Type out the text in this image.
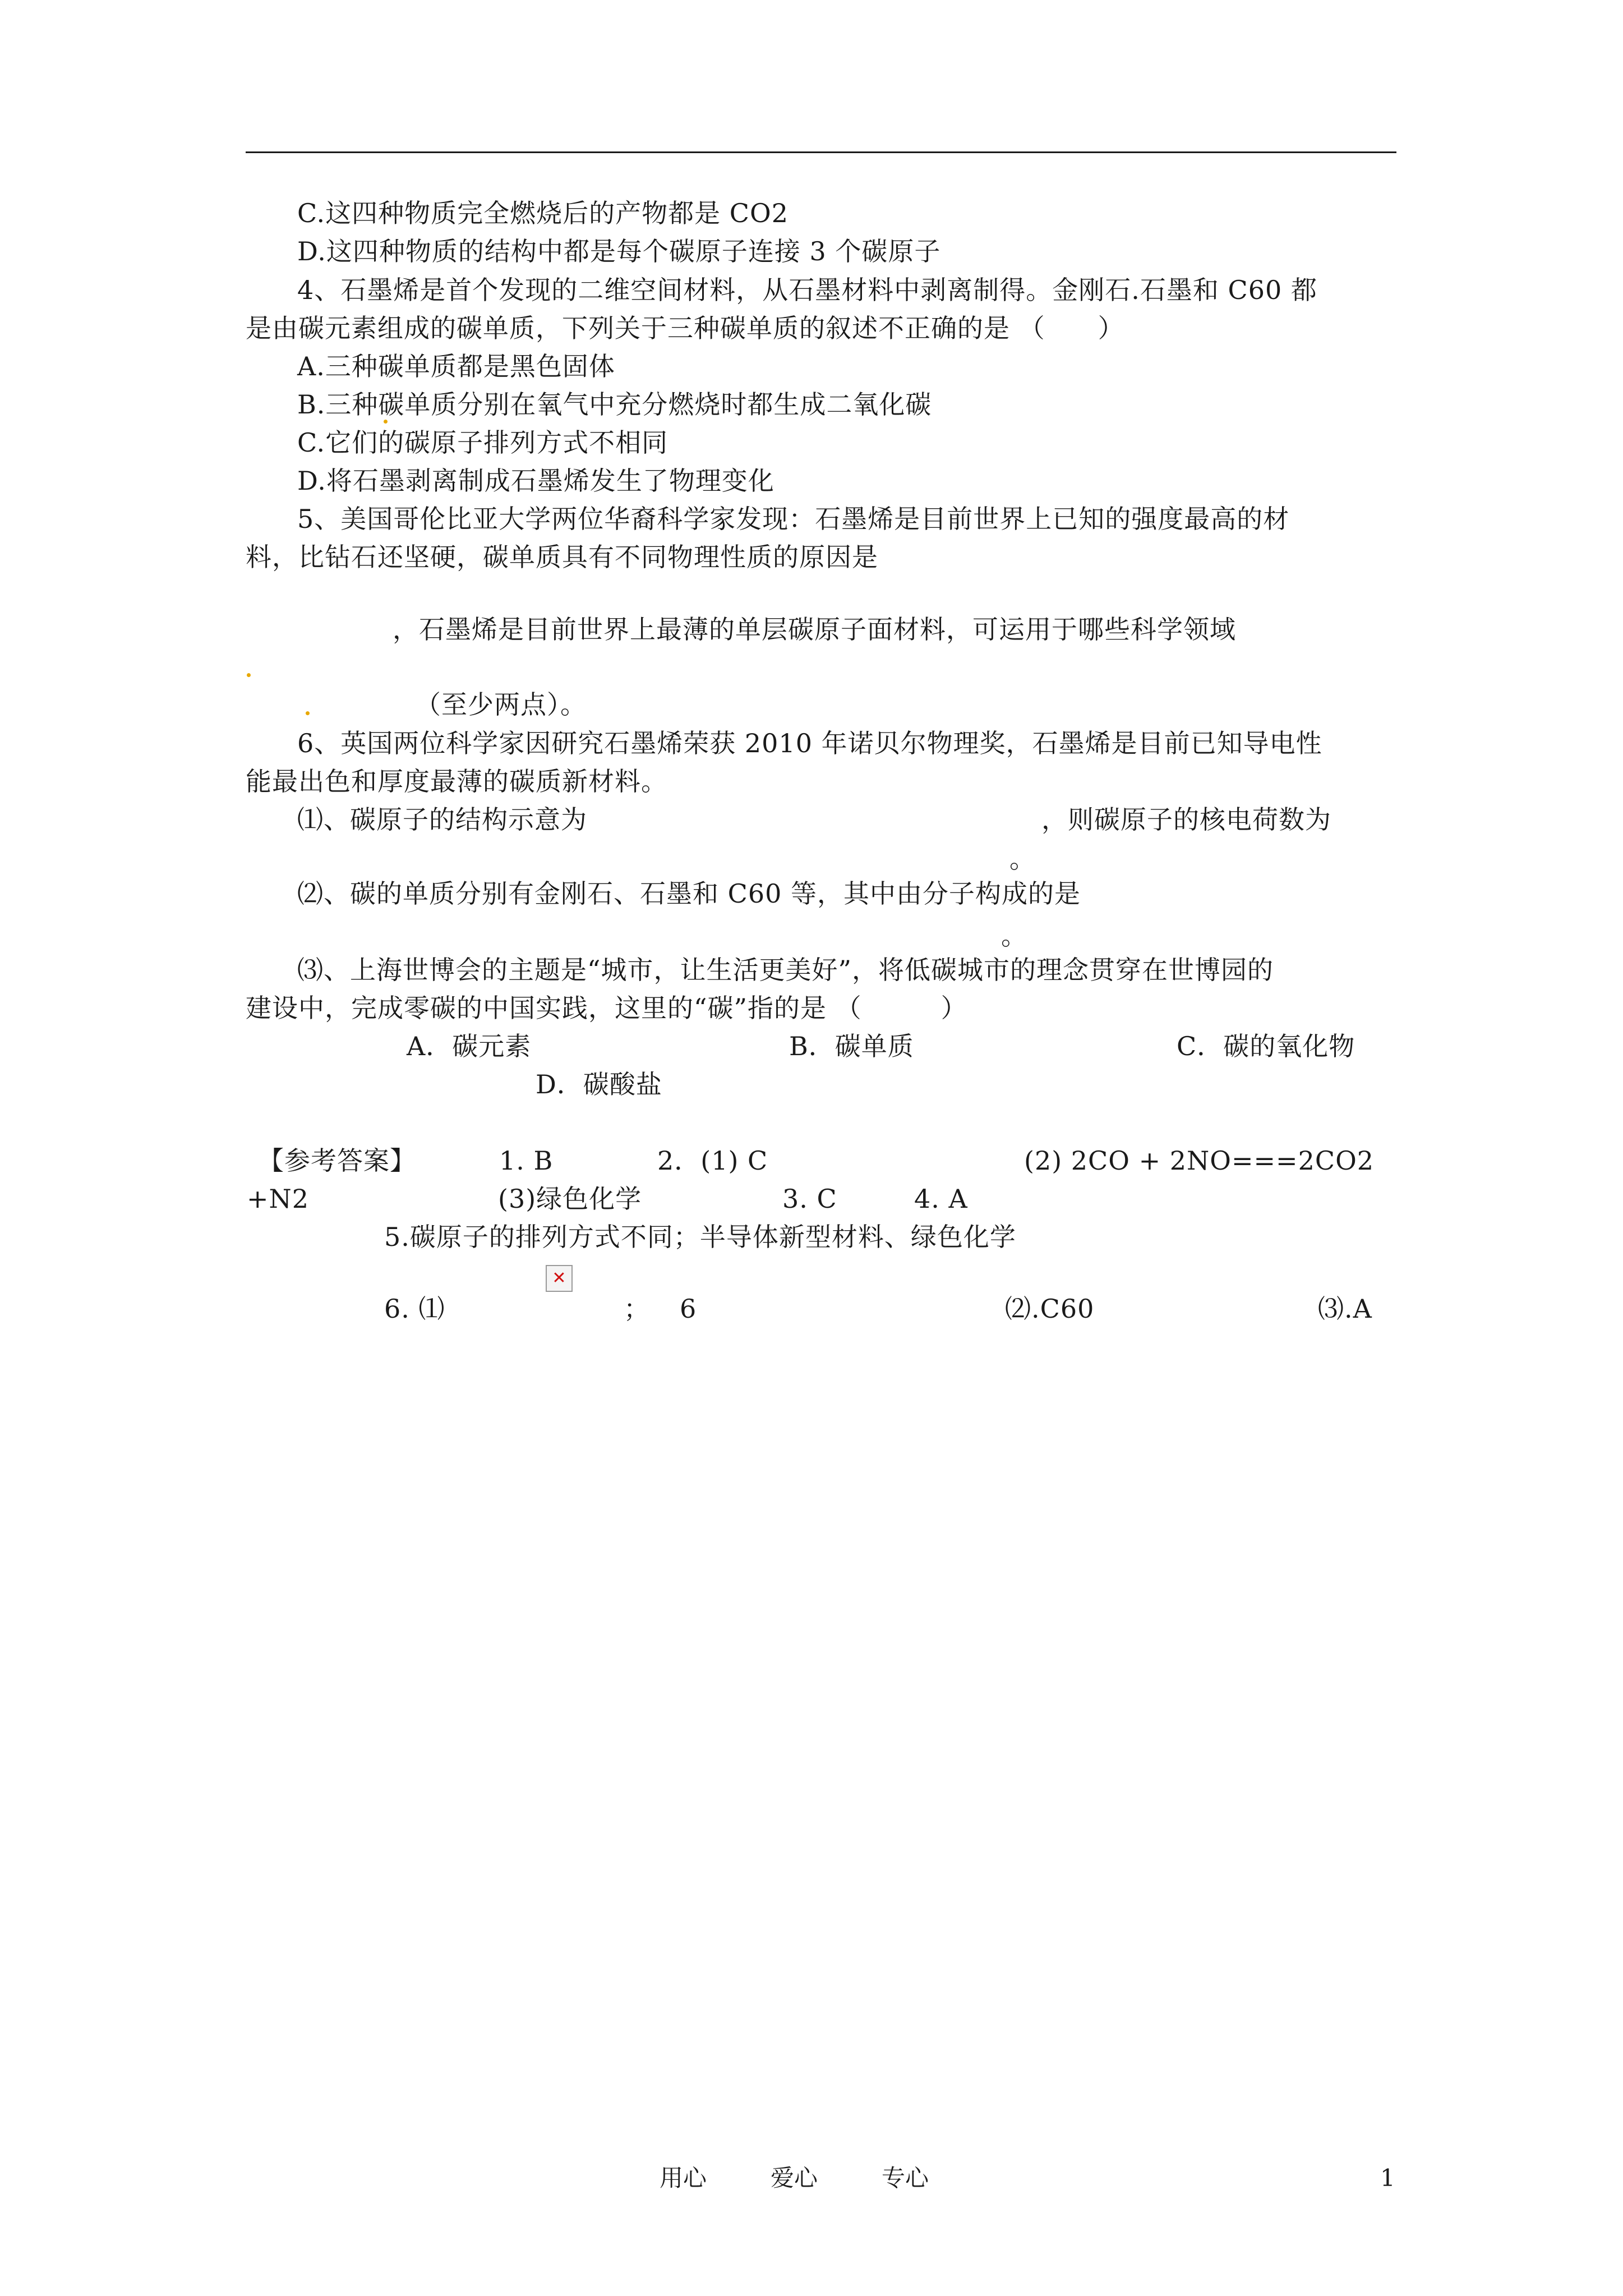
C.这四种物质完全燃烧后的产物都是 CO2
D.这四种物质的结构中都是每个碳原子连接 3 个碳原子
4、石墨烯是首个发现的二维空间材料，从石墨材料中剥离制得。金刚石.石墨和 C60 都
是由碳元素组成的碳单质，下列关于三种碳单质的叙述不正确的是 （　　）
A.三种碳单质都是黑色固体
B.三种碳单质分别在氧气中充分燃烧时都生成二氧化碳
C.它们的碳原子排列方式不相同
D.将石墨剥离制成石墨烯发生了物理变化
5、美国哥伦比亚大学两位华裔科学家发现：石墨烯是目前世界上已知的强度最高的材
料，比钻石还坚硬，碳单质具有不同物理性质的原因是
，石墨烯是目前世界上最薄的单层碳原子面材料，可运用于哪些科学领域
（至少两点）。
6、英国两位科学家因研究石墨烯荣获 2010 年诺贝尔物理奖，石墨烯是目前已知导电性
能最出色和厚度最薄的碳质新材料。
⑴、碳原子的结构示意为	，则碳原子的核电荷数为
。
⑵、碳的单质分别有金刚石、石墨和 C60 等，其中由分子构成的是
。
⑶、上海世博会的主题是“城市，让生活更美好”，将低碳城市的理念贯穿在世博园的
建设中，完成零碳的中国实践，这里的“碳”指的是 （　　　）
A．碳元素	B．碳单质	C．碳的氧化物
D．碳酸盐
【参考答案】	1. B	2．(1) C	(2) 2CO + 2NO===2CO2
+N2	(3)绿色化学	3. C	4. A
5.碳原子的排列方式不同；半导体新型材料、绿色化学
6. ⑴
✕
； 6	⑵.C60	⑶.A
用心	爱心	专心	1
